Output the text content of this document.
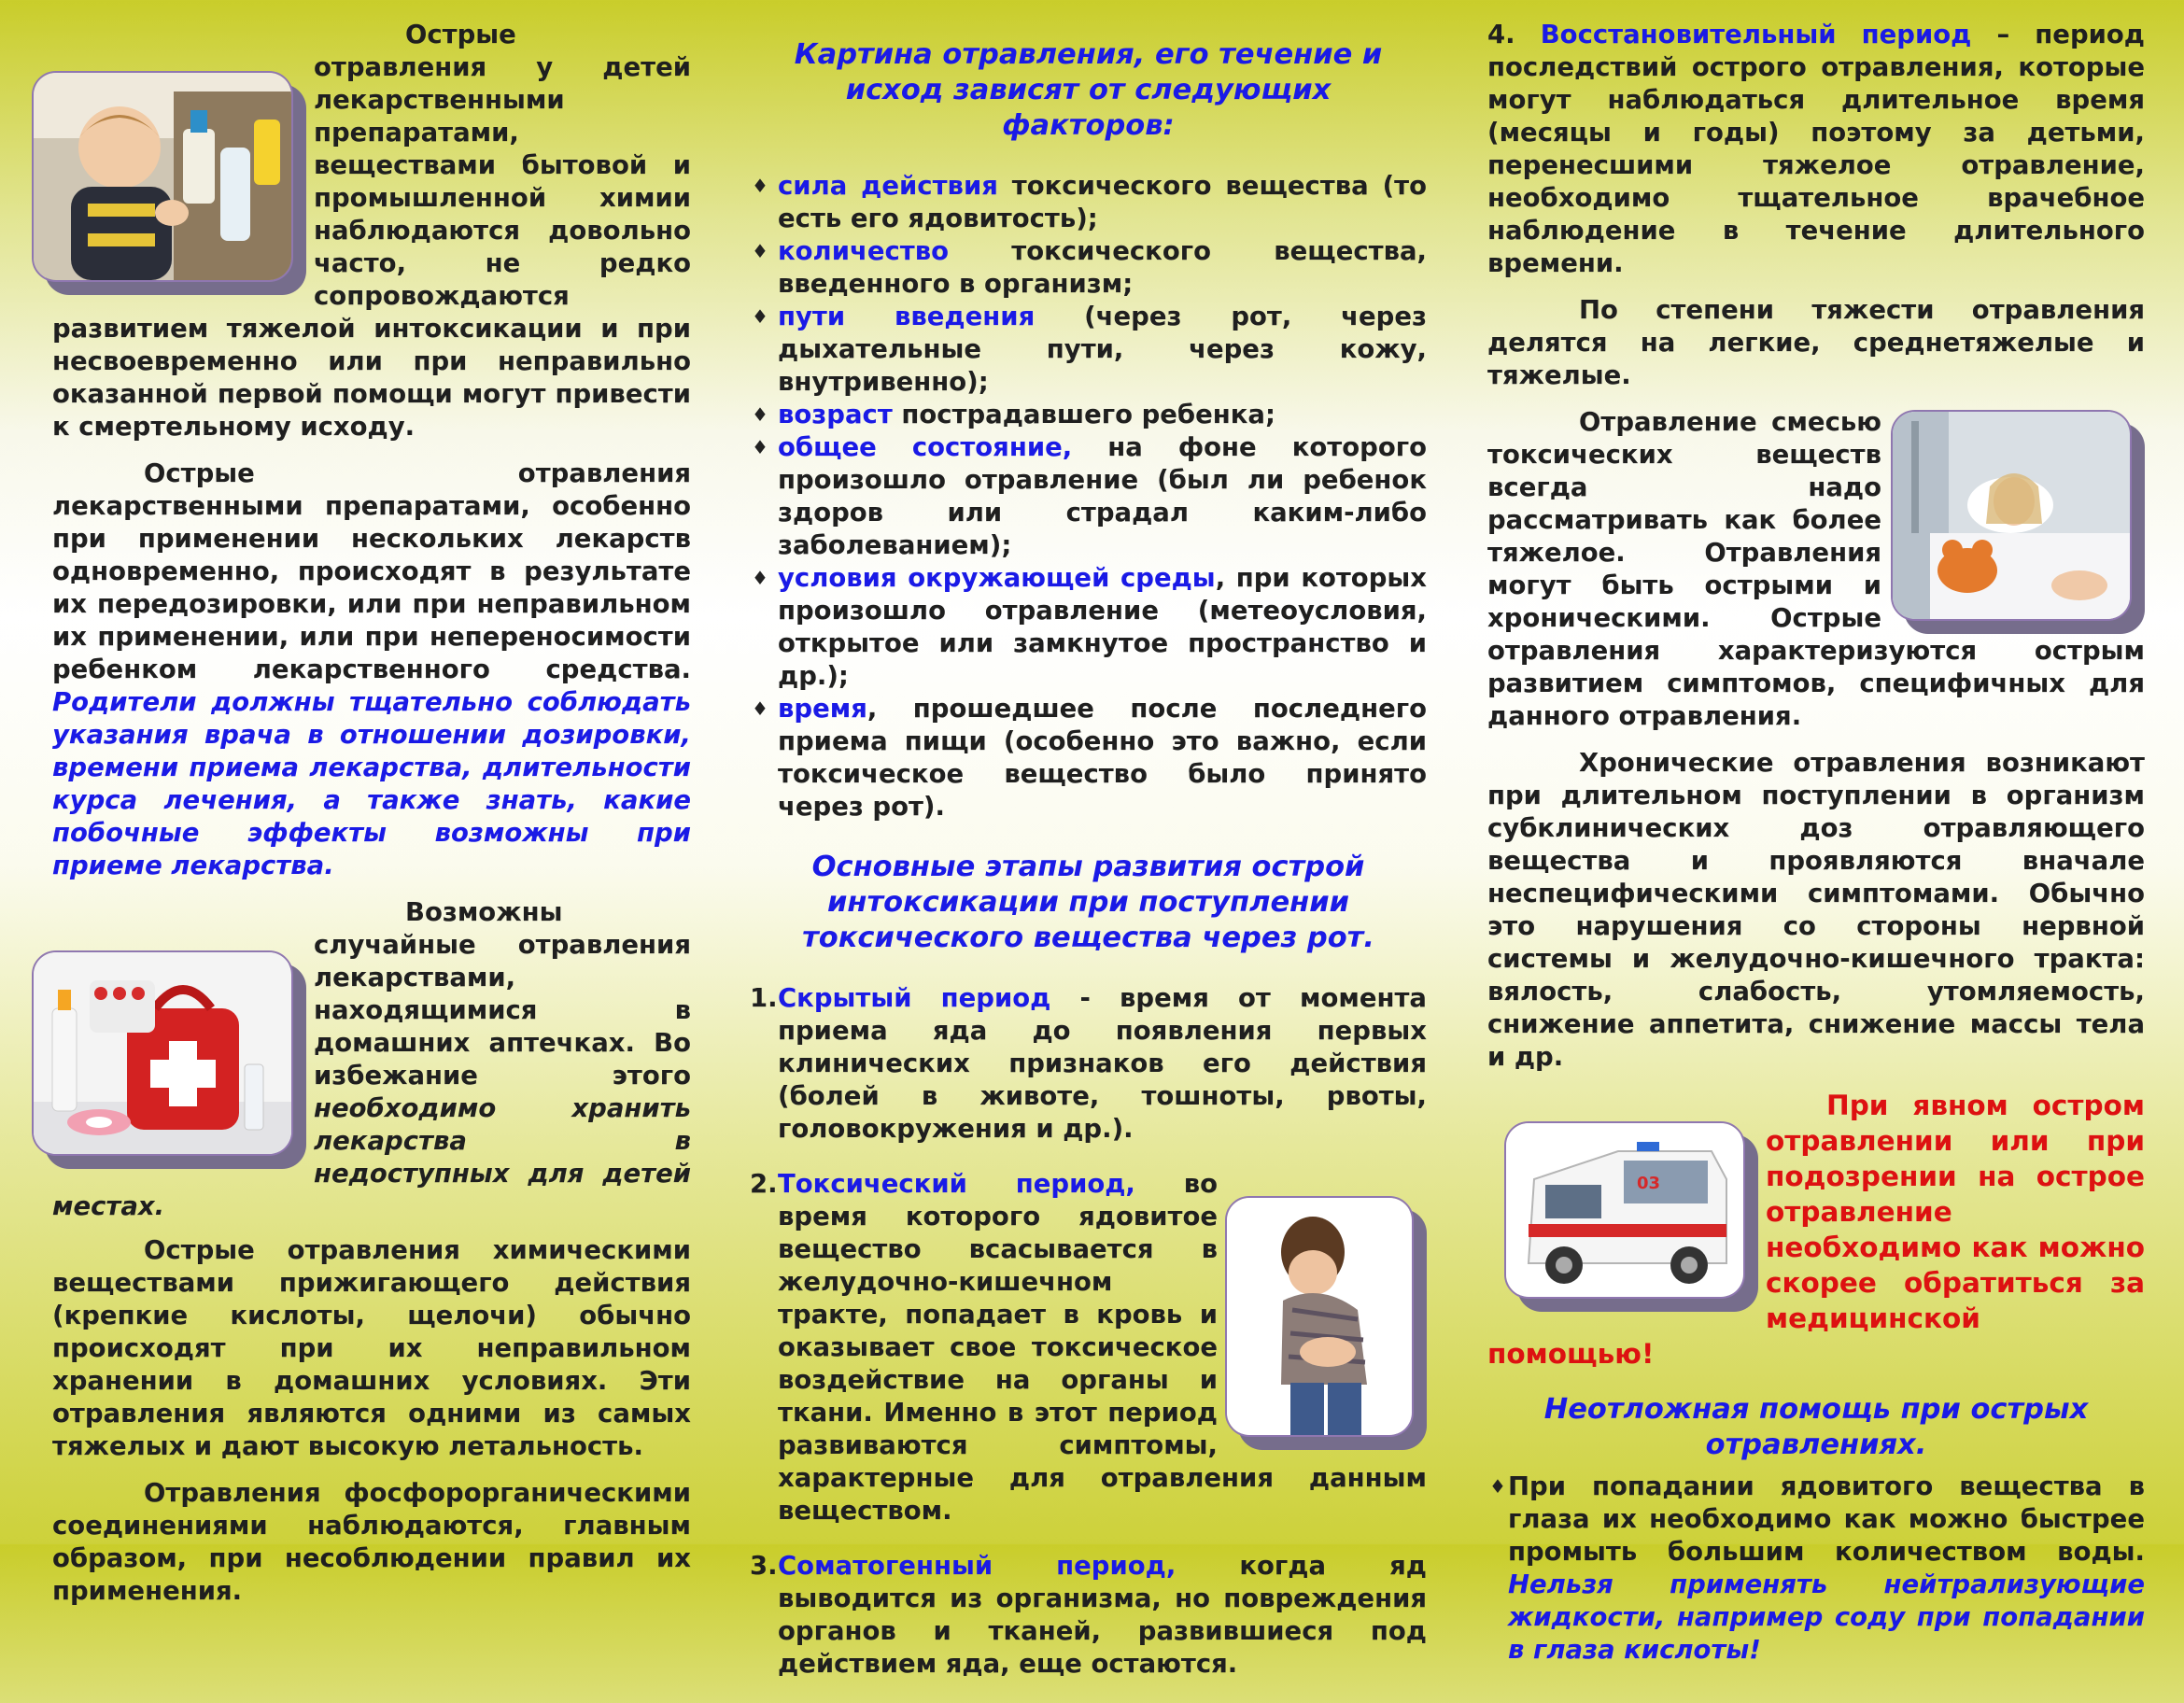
Острые отравления у детей лекарственными препаратами, веществами бытовой и промышленной химии наблюдаются довольно часто, не редко сопровождаются развитием тяжелой интоксикации и при несвоевременно или при неправильно оказанной первой помощи могут привести к смертельному исходу.

Острые отравления лекарственными препаратами, особенно при применении нескольких лекарств одновременно, происходят в результате их передозировки, или при неправильном их применении, или при непереносимости ребенком лекарственного средства. Родители должны тщательно соблюдать указания врача в отношении дозировки, времени приема лекарства, длительности курса лечения, а также знать, какие побочные эффекты возможны при приеме лекарства.

Возможны случайные отравления лекарствами, находящимися в домашних аптечках. Во избежание этого необходимо хранить лекарства в недоступных для детей местах.

Острые отравления химическими веществами прижигающего действия (крепкие кислоты, щелочи) обычно происходят при их неправильном хранении в домашних условиях. Эти отравления являются одними из самых тяжелых и дают высокую летальность.

Отравления фосфорорганическими соединениями наблюдаются, главным образом, при несоблюдении правил их применения.

Картина отравления, его течение и исход зависят от следующих факторов:

♦ сила действия токсического вещества (то есть его ядовитость);
♦ количество токсического вещества, введенного в организм;
♦ пути введения (через рот, через дыхательные пути, через кожу, внутривенно);
♦ возраст пострадавшего ребенка;
♦ общее состояние, на фоне которого произошло отравление (был ли ребенок здоров или страдал каким-либо заболеванием);
♦ условия окружающей среды, при которых произошло отравление (метеоусловия, открытое или замкнутое пространство и др.);
♦ время, прошедшее после последнего приема пищи (особенно это важно, если токсическое вещество было принято через рот).

Основные этапы развития острой интоксикации при поступлении токсического вещества через рот.

1. Скрытый период - время от момента приема яда до появления первых клинических признаков его действия (болей в животе, тошноты, рвоты, головокружения и др.).
2. Токсический период, во время которого ядовитое вещество всасывается в желудочно-кишечном тракте, попадает в кровь и оказывает свое токсическое воздействие на органы и ткани. Именно в этот период развиваются симптомы, характерные для отравления данным веществом.
3. Соматогенный период, когда яд выводится из организма, но повреждения органов и тканей, развившиеся под действием яда, еще остаются.

4. Восстановительный период – период последствий острого отравления, которые могут наблюдаться длительное время (месяцы и годы) поэтому за детьми, перенесшими тяжелое отравление, необходимо тщательное врачебное наблюдение в течение длительного времени.

По степени тяжести отравления делятся на легкие, среднетяжелые и тяжелые.

Отравление смесью токсических веществ всегда надо рассматривать как более тяжелое. Отравления могут быть острыми и хроническими. Острые отравления характеризуются острым развитием симптомов, специфичных для данного отравления.

Хронические отравления возникают при длительном поступлении в организм субклинических доз отравляющего вещества и проявляются вначале неспецифическими симптомами. Обычно это нарушения со стороны нервной системы и желудочно-кишечного тракта: вялость, слабость, утомляемость, снижение аппетита, снижение массы тела и др.

03

При явном остром отравлении или при подозрении на острое отравление необходимо как можно скорее обратиться за медицинской помощью!

Неотложная помощь при острых отравлениях.

♦ При попадании ядовитого вещества в глаза их необходимо как можно быстрее промыть большим количеством воды. Нельзя применять нейтрализующие жидкости, например соду при попадании в глаза кислоты!
